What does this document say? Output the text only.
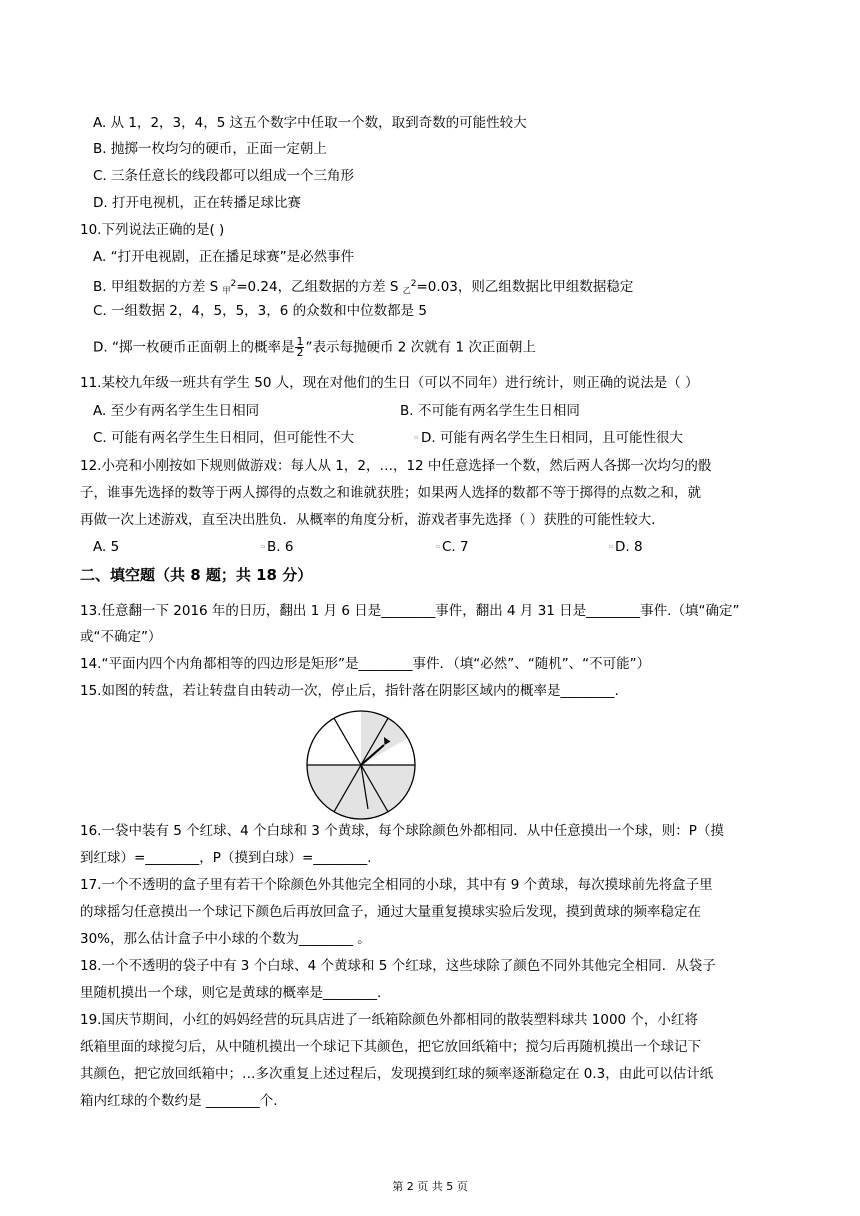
A. 从 1，2，3，4，5 这五个数字中任取一个数，取到奇数的可能性较大
B. 抛掷一枚均匀的硬币，正面一定朝上
C. 三条任意长的线段都可以组成一个三角形
D. 打开电视机，正在转播足球比赛
10.下列说法正确的是( )
A. “打开电视剧，正在播足球赛”是必然事件
B. 甲组数据的方差 S $_甲^2$=0.24，乙组数据的方差 S $_乙^2$=0.03，则乙组数据比甲组数据稳定
C. 一组数据 2，4，5，5，3，6 的众数和中位数都是 5
D. “掷一枚硬币正面朝上的概率是 $\frac{1}{2}$ ”表示每抛硬币 2 次就有 1 次正面朝上
11.某校九年级一班共有学生 50 人，现在对他们的生日（可以不同年）进行统计，则正确的说法是（ ）
A. 至少有两名学生生日相同	B. 不可能有两名学生生日相同
C. 可能有两名学生生日相同，但可能性不大	▫ D. 可能有两名学生生日相同，且可能性很大
12.小亮和小刚按如下规则做游戏：每人从 1，2，…，12 中任意选择一个数，然后两人各掷一次均匀的骰
子，谁事先选择的数等于两人掷得的点数之和谁就获胜；如果两人选择的数都不等于掷得的点数之和，就
再做一次上述游戏，直至决出胜负．从概率的角度分析，游戏者事先选择（ ）获胜的可能性较大．
A. 5	▫ B. 6	▫ C. 7	▫ D. 8
二、填空题（共 8 题；共 18 分）
13.任意翻一下 2016 年的日历，翻出 1 月 6 日是________事件，翻出 4 月 31 日是________事件.（填“确定”
或“不确定”）
14.“平面内四个内角都相等的四边形是矩形”是________事件．（填“必然”、“随机”、“不可能”）
15.如图的转盘，若让转盘自由转动一次，停止后，指针落在阴影区域内的概率是________.
16.一袋中装有 5 个红球、4 个白球和 3 个黄球，每个球除颜色外都相同．从中任意摸出一个球，则：P（摸
到红球）=________，P（摸到白球）=________.
17.一个不透明的盒子里有若干个除颜色外其他完全相同的小球，其中有 9 个黄球，每次摸球前先将盒子里
的球摇匀任意摸出一个球记下颜色后再放回盒子，通过大量重复摸球实验后发现，摸到黄球的频率稳定在
30%，那么估计盒子中小球的个数为________ 。
18.一个不透明的袋子中有 3 个白球、4 个黄球和 5 个红球，这些球除了颜色不同外其他完全相同．从袋子
里随机摸出一个球，则它是黄球的概率是________.
19.国庆节期间，小红的妈妈经营的玩具店进了一纸箱除颜色外都相同的散装塑料球共 1000 个，小红将
纸箱里面的球搅匀后，从中随机摸出一个球记下其颜色，把它放回纸箱中；搅匀后再随机摸出一个球记下
其颜色，把它放回纸箱中；…多次重复上述过程后，发现摸到红球的频率逐渐稳定在 0.3，由此可以估计纸
箱内红球的个数约是 ________个.
第 2 页 共 5 页
